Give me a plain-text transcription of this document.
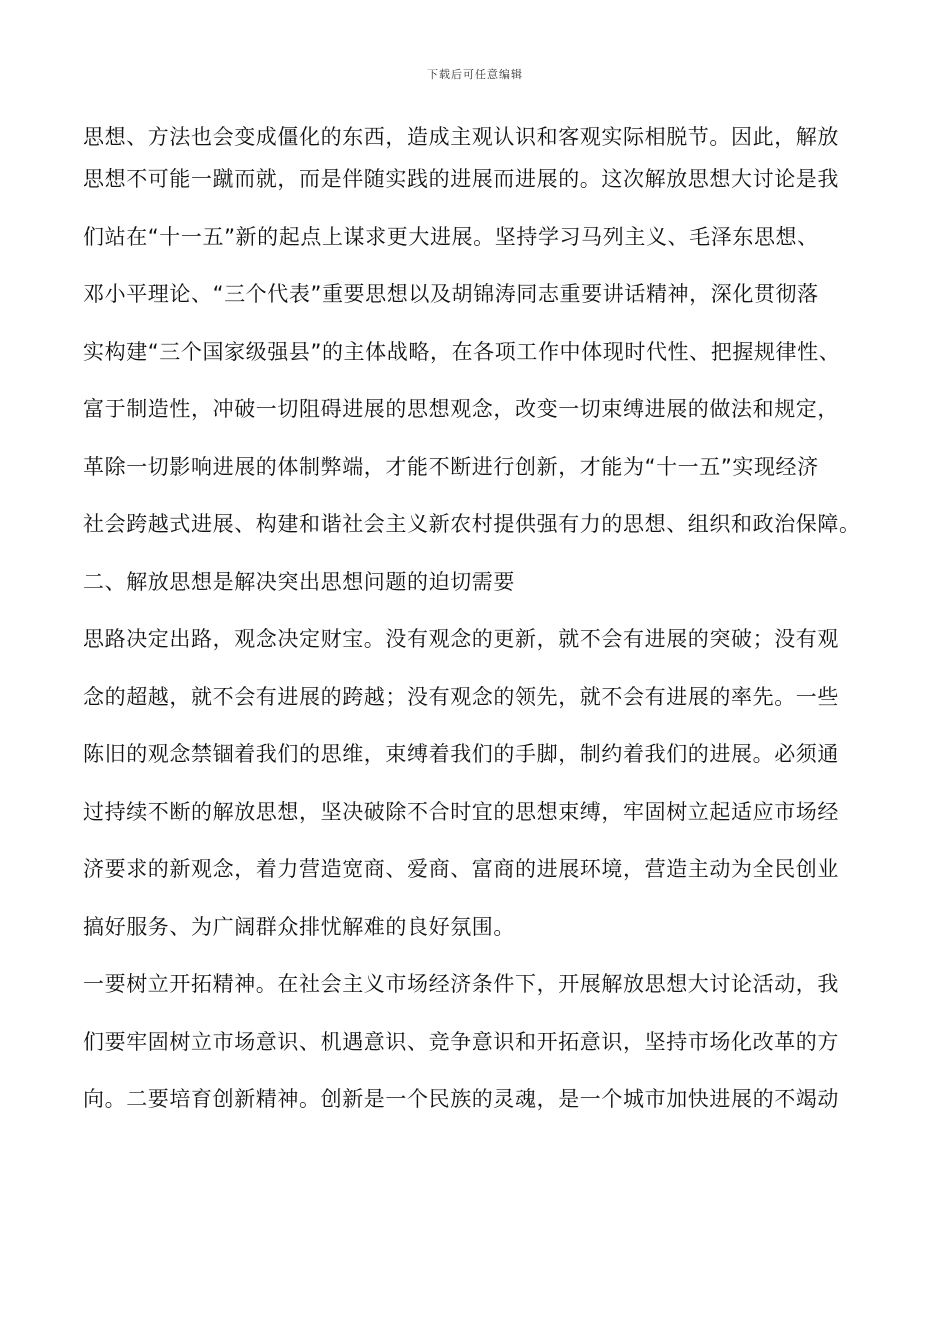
下载后可任意编辑
思想、方法也会变成僵化的东西，造成主观认识和客观实际相脱节。因此，解放
思想不可能一蹴而就，而是伴随实践的进展而进展的。这次解放思想大讨论是我
们站在“十一五”新的起点上谋求更大进展。坚持学习马列主义、毛泽东思想、
邓小平理论、“三个代表”重要思想以及胡锦涛同志重要讲话精神，深化贯彻落
实构建“三个国家级强县”的主体战略，在各项工作中体现时代性、把握规律性、
富于制造性，冲破一切阻碍进展的思想观念，改变一切束缚进展的做法和规定，
革除一切影响进展的体制弊端，才能不断进行创新，才能为“十一五”实现经济
社会跨越式进展、构建和谐社会主义新农村提供强有力的思想、组织和政治保障。
二、解放思想是解决突出思想问题的迫切需要
思路决定出路，观念决定财宝。没有观念的更新，就不会有进展的突破；没有观
念的超越，就不会有进展的跨越；没有观念的领先，就不会有进展的率先。一些
陈旧的观念禁锢着我们的思维，束缚着我们的手脚，制约着我们的进展。必须通
过持续不断的解放思想，坚决破除不合时宜的思想束缚，牢固树立起适应市场经
济要求的新观念，着力营造宽商、爱商、富商的进展环境，营造主动为全民创业
搞好服务、为广阔群众排忧解难的良好氛围。
一要树立开拓精神。在社会主义市场经济条件下，开展解放思想大讨论活动，我
们要牢固树立市场意识、机遇意识、竞争意识和开拓意识，坚持市场化改革的方
向。二要培育创新精神。创新是一个民族的灵魂，是一个城市加快进展的不竭动
